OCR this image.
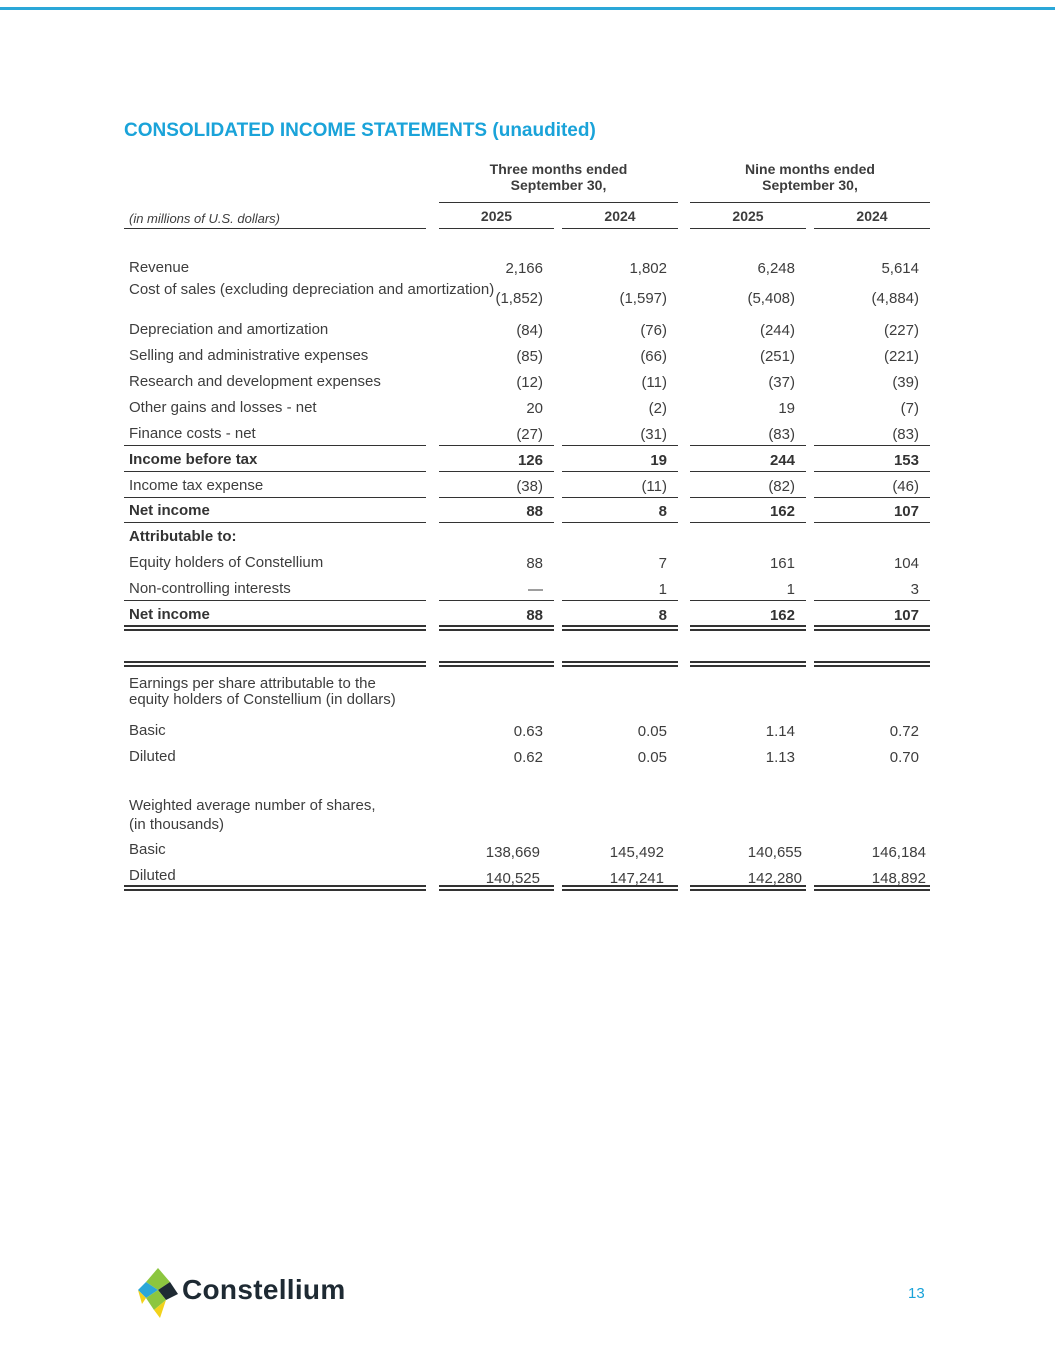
CONSOLIDATED INCOME STATEMENTS (unaudited)
Three months ended
September 30,
Nine months ended
September 30,
(in millions of U.S. dollars)	2025	2024	2025	2024
Revenue	2,166	1,802	6,248	5,614
Cost of sales (excluding depreciation and amortization)
(1,852)	(1,597)	(5,408)	(4,884)
Depreciation and amortization	(84)	(76)	(244)	(227)
Selling and administrative expenses	(85)	(66)	(251)	(221)
Research and development expenses	(12)	(11)	(37)	(39)
Other gains and losses - net	20	(2)	19	(7)
Finance costs - net	(27)	(31)	(83)	(83)
Income before tax	126	19	244	153
Income tax expense	(38)	(11)	(82)	(46)
Net income	88	8	162	107
Attributable to:
Equity holders of Constellium	88	7	161	104
Non-controlling interests	—	1	1	3
Net income	88	8	162	107
Earnings per share attributable to the equity holders of Constellium (in dollars)
Basic	0.63	0.05	1.14	0.72
Diluted	0.62	0.05	1.13	0.70
Weighted average number of shares,
(in thousands)
Basic	138,669	145,492	140,655	146,184
Diluted	140,525	147,241	142,280	148,892
Constellium	13
